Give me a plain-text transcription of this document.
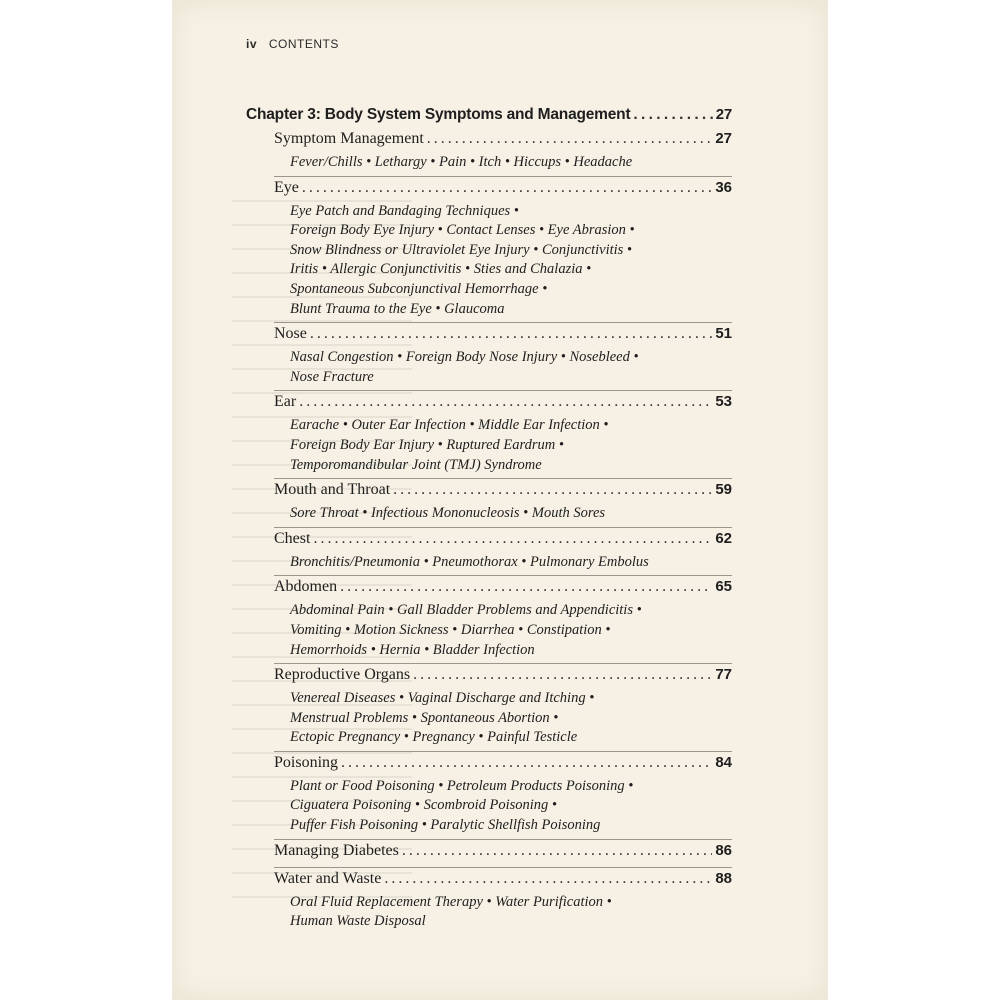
iv CONTENTS
Chapter 3: Body System Symptoms and Management . . .	27
Symptom Management . . .	27
Fever/Chills • Lethargy • Pain • Itch • Hiccups • Headache
Eye . . .	36
Eye Patch and Bandaging Techniques •
Foreign Body Eye Injury • Contact Lenses • Eye Abrasion •
Snow Blindness or Ultraviolet Eye Injury • Conjunctivitis •
Iritis • Allergic Conjunctivitis • Sties and Chalazia •
Spontaneous Subconjunctival Hemorrhage •
Blunt Trauma to the Eye • Glaucoma
Nose . . .	51
Nasal Congestion • Foreign Body Nose Injury • Nosebleed •
Nose Fracture
Ear . . .	53
Earache • Outer Ear Infection • Middle Ear Infection •
Foreign Body Ear Injury • Ruptured Eardrum •
Temporomandibular Joint (TMJ) Syndrome
Mouth and Throat . . .	59
Sore Throat • Infectious Mononucleosis • Mouth Sores
Chest . . .	62
Bronchitis/Pneumonia • Pneumothorax • Pulmonary Embolus
Abdomen . . .	65
Abdominal Pain • Gall Bladder Problems and Appendicitis •
Vomiting • Motion Sickness • Diarrhea • Constipation •
Hemorrhoids • Hernia • Bladder Infection
Reproductive Organs . . .	77
Venereal Diseases • Vaginal Discharge and Itching •
Menstrual Problems • Spontaneous Abortion •
Ectopic Pregnancy • Pregnancy • Painful Testicle
Poisoning . . .	84
Plant or Food Poisoning • Petroleum Products Poisoning •
Ciguatera Poisoning • Scombroid Poisoning •
Puffer Fish Poisoning • Paralytic Shellfish Poisoning
Managing Diabetes . . .	86
Water and Waste . . .	88
Oral Fluid Replacement Therapy • Water Purification •
Human Waste Disposal
